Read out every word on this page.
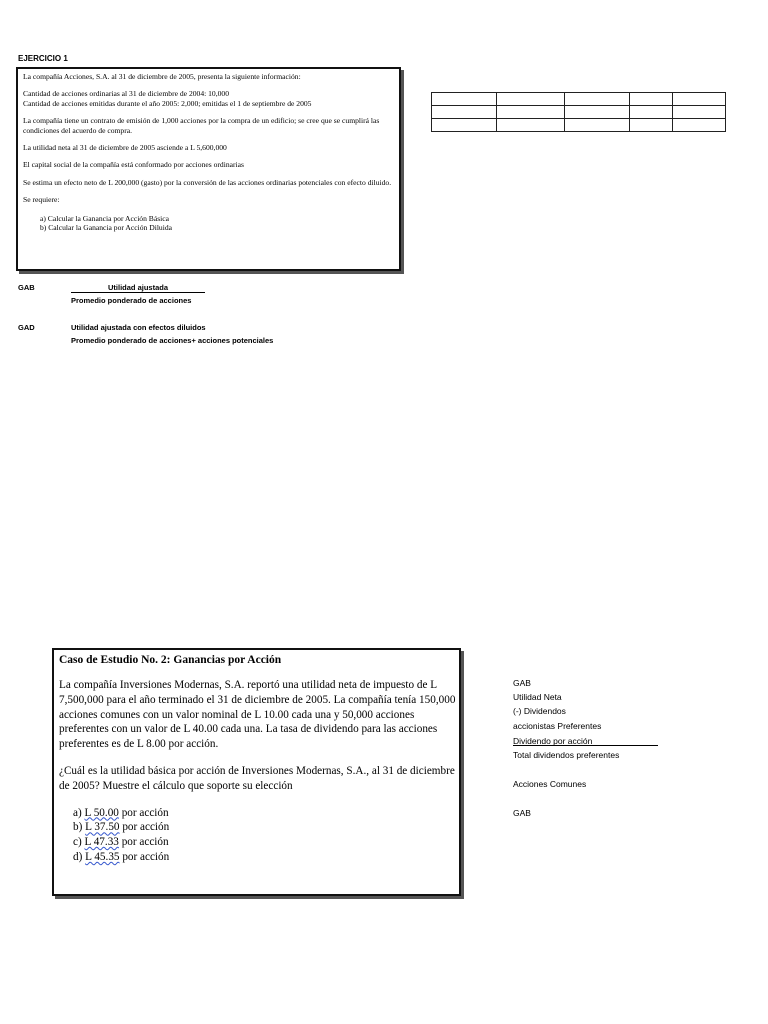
EJERCICIO 1

La compañía Acciones, S.A. al 31 de diciembre de 2005, presenta la siguiente información:

Cantidad de acciones ordinarias al 31 de diciembre de 2004: 10,000
Cantidad de acciones emitidas durante el año 2005: 2,000; emitidas el 1 de septiembre de 2005

La compañía tiene un contrato de emisión de 1,000 acciones por la compra de un edificio; se cree que se cumplirá las condiciones del acuerdo de compra.

La utilidad neta al 31 de diciembre de 2005 asciende a L 5,600,000

El capital social de la compañía está conformado por acciones ordinarias

Se estima un efecto neto de L 200,000 (gasto) por la conversión de las acciones ordinarias potenciales con efecto diluido.

Se requiere:

a) Calcular la Ganancia por Acción Básica
b) Calcular la Ganancia por Acción Diluida

GAB	Utilidad ajustada
Promedio ponderado de acciones
GAD	Utilidad ajustada con efectos diluidos
Promedio ponderado de acciones+ acciones potenciales
Caso de Estudio No. 2: Ganancias por Acción

La compañía Inversiones Modernas, S.A. reportó una utilidad neta de impuesto de L 7,500,000 para el año terminado el 31 de diciembre de 2005. La compañía tenía 150,000 acciones comunes con un valor nominal de L 10.00 cada una y 50,000 acciones preferentes con un valor de L 40.00 cada una. La tasa de dividendo para las acciones preferentes es de L 8.00 por acción.

¿Cuál es la utilidad básica por acción de Inversiones Modernas, S.A., al 31 de diciembre de 2005? Muestre el cálculo que soporte su elección

a) L 50.00 por acción
b) L 37.50 por acción
c) L 47.33 por acción
d) L 45.35 por acción
GAB
Utilidad Neta
(-) Dividendos
accionistas Preferentes
Dividendo por acción
Total dividendos preferentes
Acciones Comunes
GAB
